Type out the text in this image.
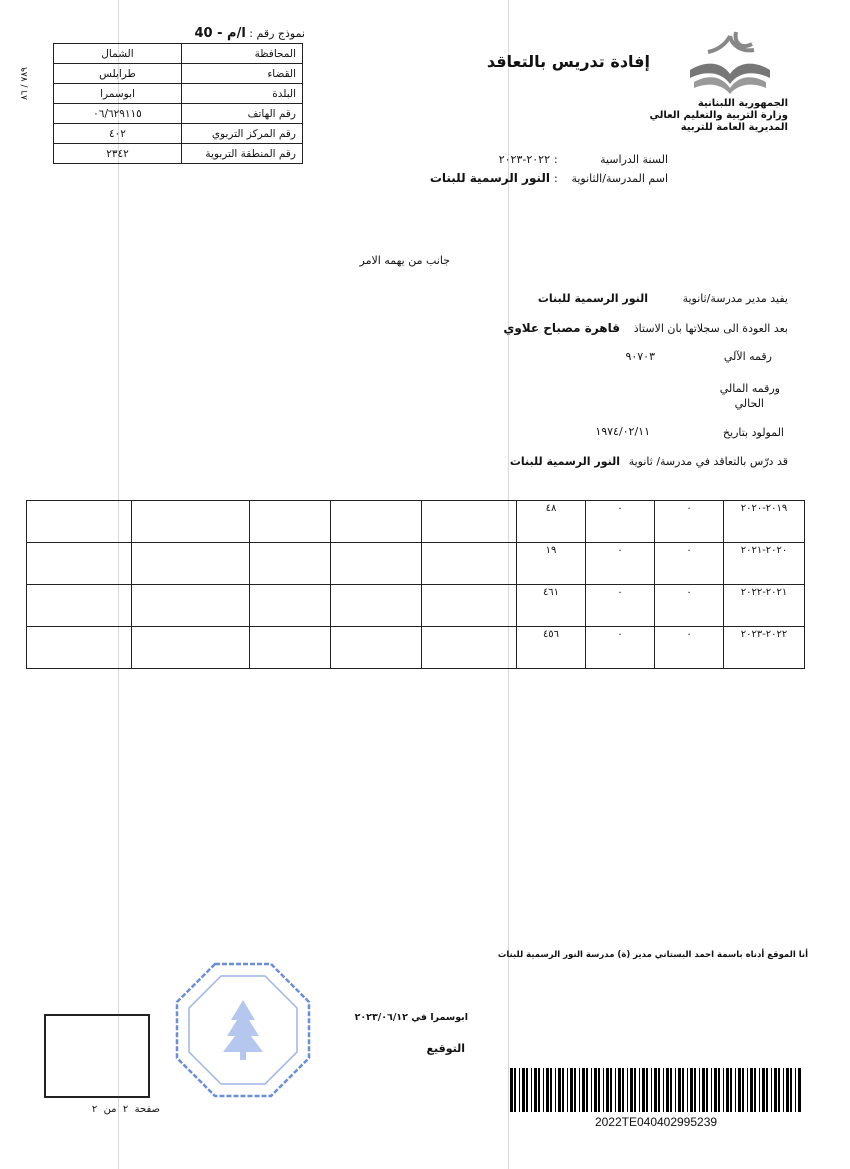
نموذج رقم : ا/م - 40
المحافظة	الشمال
القضاء	طرابلس
البلدة	ابوسمرا
رقم الهاتف	٠٦/٦٢٩١١٥
رقم المركز التربوي	٤٠٢
رقم المنطقة التربوية	٢٣٤٢
٧٨٩ / ٨٦
الجمهورية اللبنانية
وزارة التربية والتعليم العالي
المديرية العامة للتربية
إفادة تدريس بالتعاقد
السنة الدراسية
:
٢٠٢٢-٢٠٢٣
اسم المدرسة/الثانوية
:
النور الرسمية للبنات
جانب من يهمه الامر
يفيد مدير مدرسة/ثانوية
النور الرسمية للبنات
بعد العودة الى سجلاتها بان الاستاذ
قاهرة مصباح علاوي
رقمه الآلي
٩٠٧٠٣
ورقمه المالي
الحالي
المولود بتاريخ
١٩٧٤/٠٢/١١
قد درّس بالتعاقد في مدرسة/ ثانوية
النور الرسمية للبنات
٢٠١٩-٢٠٢٠	٠	٠	٤٨					
٢٠٢٠-٢٠٢١	٠	٠	١٩					
٢٠٢١-٢٠٢٢	٠	٠	٤٦١					
٢٠٢٢-٢٠٢٣	٠	٠	٤٥٦					
أنا الموقع أدناه باسمة احمد البستاني مدير (ة) مدرسة النور الرسمية للبنات
ابوسمرا في ٢٠٢٣/٠٦/١٢
التوقيع
صفحة  ٢  من  ٢
2022TE040402995239
